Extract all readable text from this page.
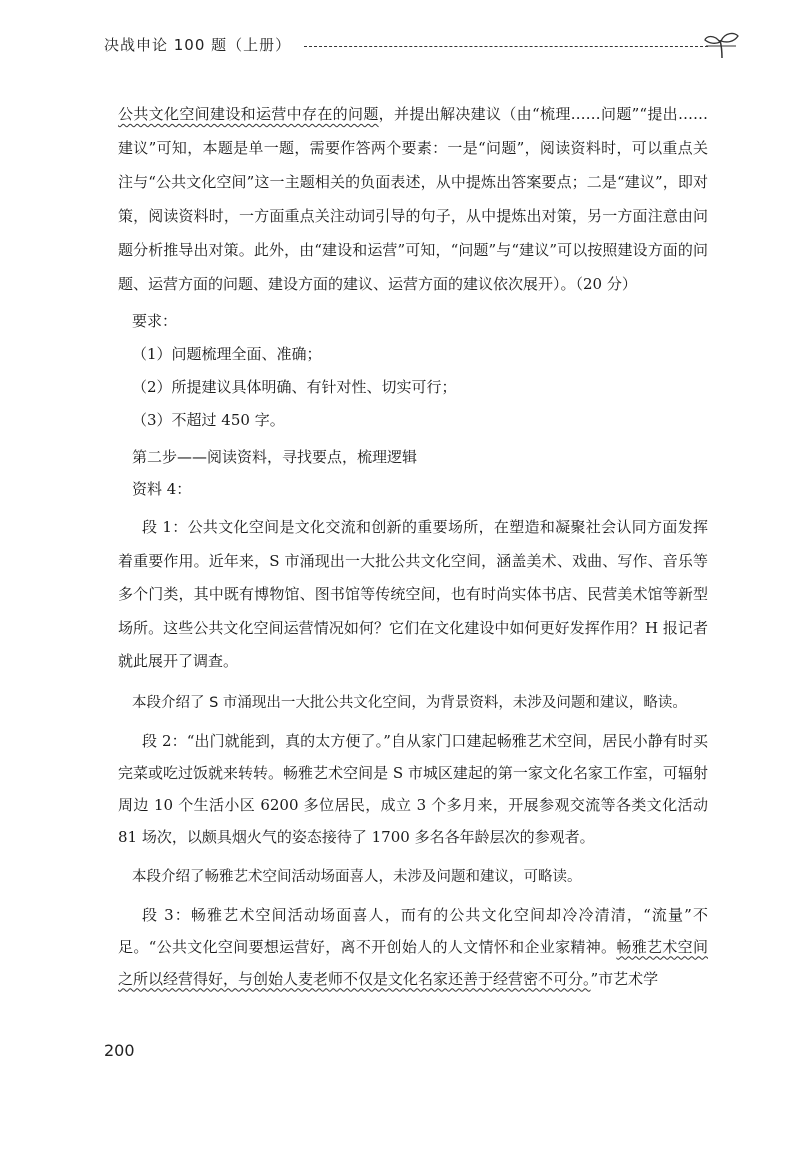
决战申论 100 题（上册）

公共文化空间建设和运营中存在的问题，并提出解决建议（由“梳理……问题”“提出……建议”可知，本题是单一题，需要作答两个要素：一是“问题”，阅读资料时，可以重点关注与“公共文化空间”这一主题相关的负面表述，从中提炼出答案要点；二是“建议”，即对策，阅读资料时，一方面重点关注动词引导的句子，从中提炼出对策，另一方面注意由问题分析推导出对策。此外，由“建设和运营”可知，“问题”与“建议”可以按照建设方面的问题、运营方面的问题、建设方面的建议、运营方面的建议依次展开）。（20 分）

要求：
（1）问题梳理全面、准确；
（2）所提建议具体明确、有针对性、切实可行；
（3）不超过 450 字。
第二步——阅读资料，寻找要点，梳理逻辑
资料 4：

段 1：公共文化空间是文化交流和创新的重要场所，在塑造和凝聚社会认同方面发挥着重要作用。近年来，S 市涌现出一大批公共文化空间，涵盖美术、戏曲、写作、音乐等多个门类，其中既有博物馆、图书馆等传统空间，也有时尚实体书店、民营美术馆等新型场所。这些公共文化空间运营情况如何？它们在文化建设中如何更好发挥作用？H 报记者就此展开了调查。

本段介绍了 S 市涌现出一大批公共文化空间，为背景资料，未涉及问题和建议，略读。

段 2：“出门就能到，真的太方便了。”自从家门口建起畅雅艺术空间，居民小静有时买完菜或吃过饭就来转转。畅雅艺术空间是 S 市城区建起的第一家文化名家工作室，可辐射周边 10 个生活小区 6200 多位居民，成立 3 个多月来，开展参观交流等各类文化活动 81 场次，以颇具烟火气的姿态接待了 1700 多名各年龄层次的参观者。

本段介绍了畅雅艺术空间活动场面喜人，未涉及问题和建议，可略读。

段 3：畅雅艺术空间活动场面喜人，而有的公共文化空间却冷冷清清，“流量”不足。“公共文化空间要想运营好，离不开创始人的人文情怀和企业家精神。畅雅艺术空间之所以经营得好，与创始人麦老师不仅是文化名家还善于经营密不可分。”市艺术学

200
